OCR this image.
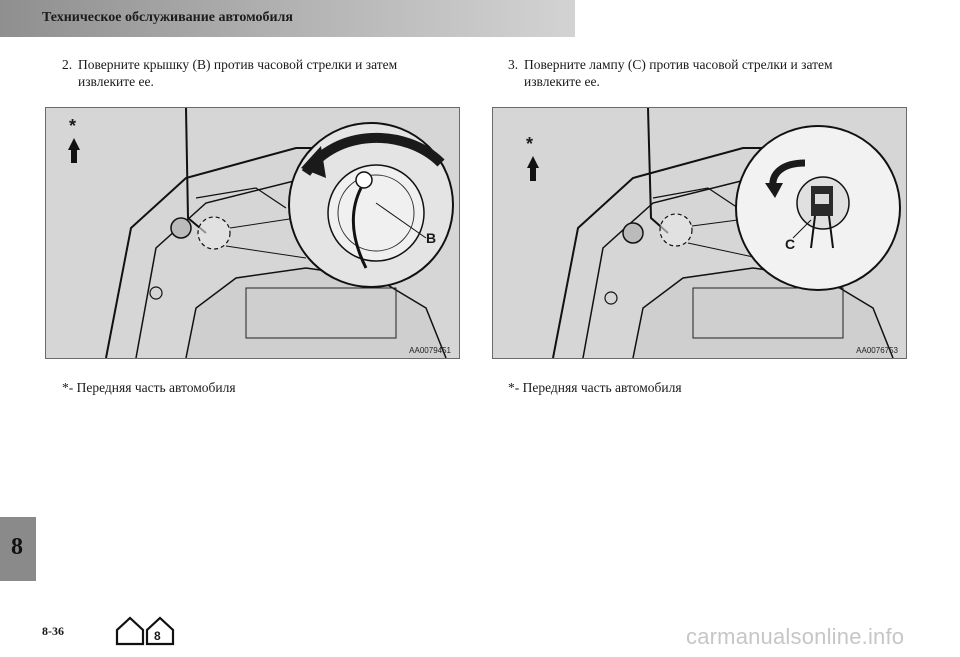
Техническое обслуживание автомобиля
2. Поверните крышку (B) против часовой стрелки и затем извлеките ее.
3. Поверните лампу (C) против часовой стрелки и затем извлеките ее.
*
B
AA0079451
*
C
AA0076753
*- Передняя часть автомобиля	*- Передняя часть автомобиля
8
8-36	8	carmanualsonline.info
